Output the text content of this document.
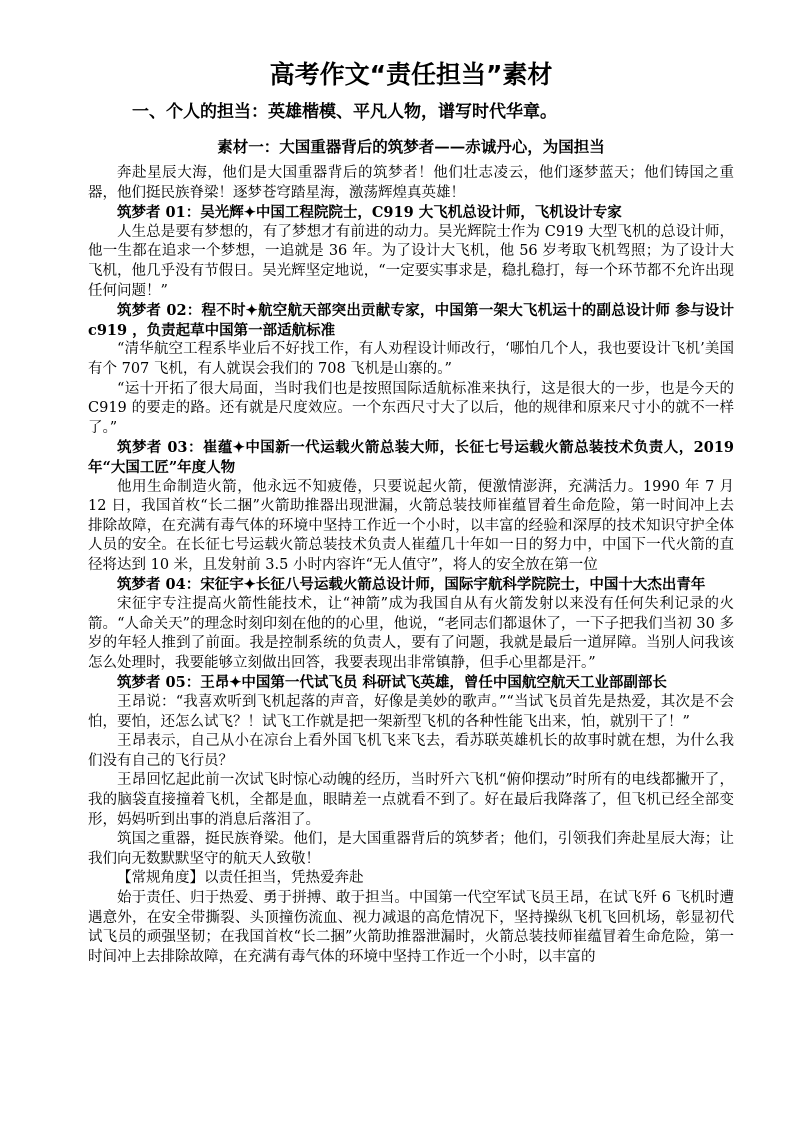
高考作文“责任担当”素材
一、个人的担当：英雄楷模、平凡人物，谱写时代华章。
素材一：大国重器背后的筑梦者——赤诚丹心，为国担当

奔赴星辰大海，他们是大国重器背后的筑梦者！他们壮志凌云，他们逐梦蓝天；他们铸国之重器，他们挺民族脊梁！逐梦苍穹踏星海，激荡辉煌真英雄！

筑梦者 01：吴光辉✦中国工程院院士，C919 大飞机总设计师，飞机设计专家

人生总是要有梦想的，有了梦想才有前进的动力。吴光辉院士作为 C919 大型飞机的总设计师，他一生都在追求一个梦想，一追就是 36 年。为了设计大飞机，他 56 岁考取飞机驾照；为了设计大飞机，他几乎没有节假日。吴光辉坚定地说，“一定要实事求是，稳扎稳打，每一个环节都不允许出现任何问题！”

筑梦者 02：程不时✦航空航天部突出贡献专家，中国第一架大飞机运十的副总设计师 参与设计 c919 ，负责起草中国第一部适航标准

“清华航空工程系毕业后不好找工作，有人劝程设计师改行，‘哪怕几个人，我也要设计飞机’美国有个 707 飞机，有人就误会我们的 708 飞机是山寨的。”

“运十开拓了很大局面，当时我们也是按照国际适航标准来执行，这是很大的一步，也是今天的 C919 的要走的路。还有就是尺度效应。一个东西尺寸大了以后，他的规律和原来尺寸小的就不一样了。”

筑梦者 03：崔蕴✦中国新一代运载火箭总装大师，长征七号运载火箭总装技术负责人，2019 年“大国工匠”年度人物

他用生命制造火箭，他永远不知疲倦，只要说起火箭，便激情澎湃，充满活力。1990 年 7 月 12 日，我国首枚“长二捆”火箭助推器出现泄漏，火箭总装技师崔蕴冒着生命危险，第一时间冲上去排除故障，在充满有毒气体的环境中坚持工作近一个小时，以丰富的经验和深厚的技术知识守护全体人员的安全。在长征七号运载火箭总装技术负责人崔蕴几十年如一日的努力中，中国下一代火箭的直径将达到 10 米，且发射前 3.5 小时内容许“无人值守”，将人的安全放在第一位

筑梦者 04：宋征宇✦长征八号运载火箭总设计师，国际宇航科学院院士，中国十大杰出青年

宋征宇专注提高火箭性能技术，让“神箭”成为我国自从有火箭发射以来没有任何失利记录的火箭。“人命关天”的理念时刻印刻在他的的心里，他说，“老同志们都退休了，一下子把我们当初 30 多岁的年轻人推到了前面。我是控制系统的负责人，要有了问题，我就是最后一道屏障。当别人问我该怎么处理时，我要能够立刻做出回答，我要表现出非常镇静，但手心里都是汗。”

筑梦者 05：王昂✦中国第一代试飞员 科研试飞英雄，曾任中国航空航天工业部副部长

王昂说：“我喜欢听到飞机起落的声音，好像是美妙的歌声。”“当试飞员首先是热爱，其次是不会怕，要怕，还怎么试飞？！试飞工作就是把一架新型飞机的各种性能飞出来，怕，就别干了！”

王昂表示，自己从小在凉台上看外国飞机飞来飞去，看苏联英雄机长的故事时就在想，为什么我们没有自己的飞行员？

王昂回忆起此前一次试飞时惊心动魄的经历，当时歼六飞机“俯仰摆动”时所有的电线都撇开了，我的脑袋直接撞着飞机，全都是血，眼睛差一点就看不到了。好在最后我降落了，但飞机已经全部变形，妈妈听到出事的消息后落泪了。

筑国之重器，挺民族脊梁。他们，是大国重器背后的筑梦者；他们，引领我们奔赴星辰大海；让我们向无数默默坚守的航天人致敬！

【常规角度】以责任担当，凭热爱奔赴

始于责任、归于热爱、勇于拼搏、敢于担当。中国第一代空军试飞员王昂，在试飞歼 6 飞机时遭遇意外，在安全带撕裂、头顶撞伤流血、视力减退的高危情况下，坚持操纵飞机飞回机场，彰显初代试飞员的顽强坚韧；在我国首枚“长二捆”火箭助推器泄漏时，火箭总装技师崔蕴冒着生命危险，第一时间冲上去排除故障，在充满有毒气体的环境中坚持工作近一个小时，以丰富的
